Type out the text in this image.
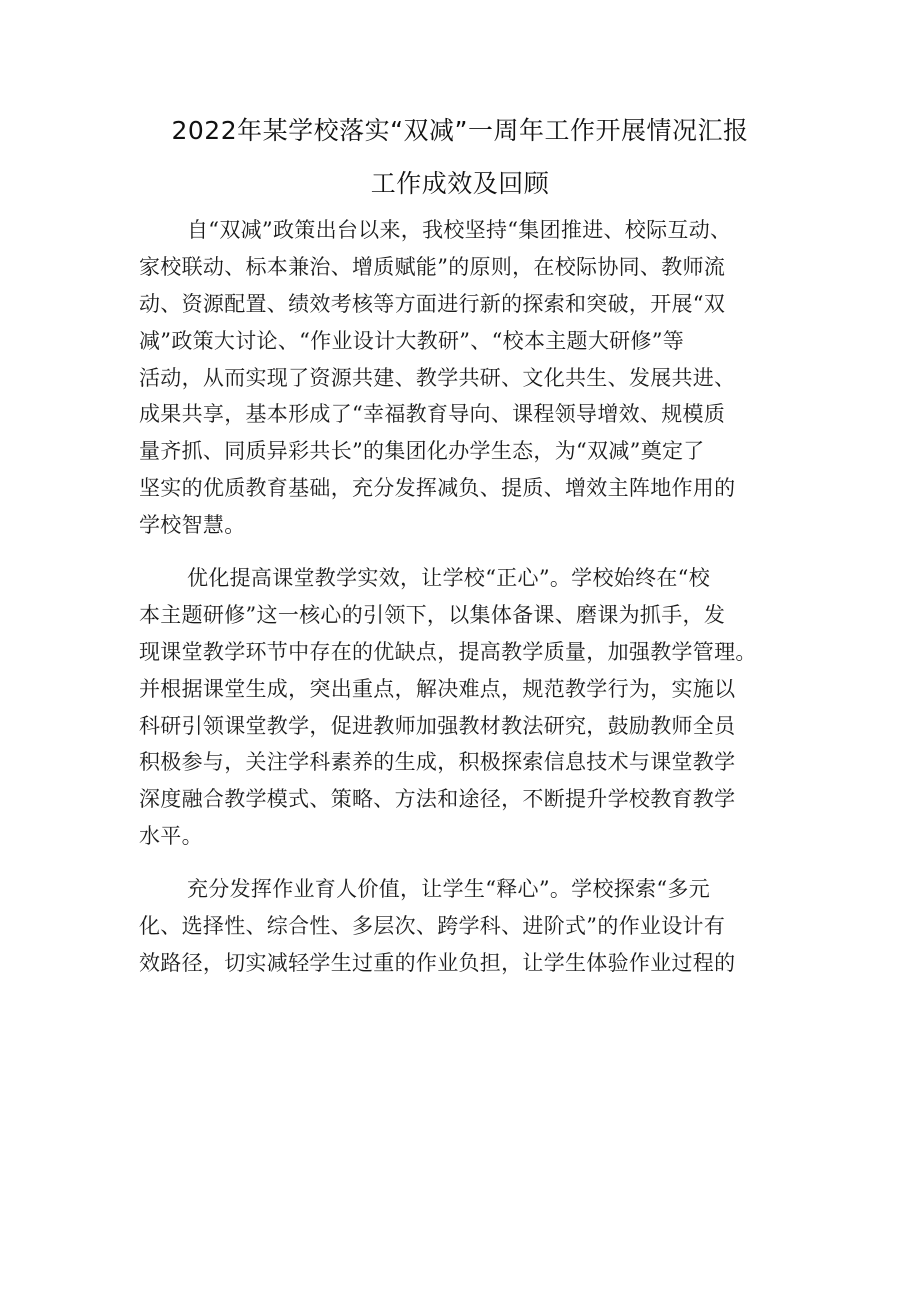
2022年某学校落实“双减”一周年工作开展情况汇报
工作成效及回顾
自“双减”政策出台以来，我校坚持“集团推进、校际互动、
家校联动、标本兼治、增质赋能”的原则，在校际协同、教师流
动、资源配置、绩效考核等方面进行新的探索和突破，开展“双
减”政策大讨论、“作业设计大教研”、“校本主题大研修”等
活动，从而实现了资源共建、教学共研、文化共生、发展共进、
成果共享，基本形成了“幸福教育导向、课程领导增效、规模质
量齐抓、同质异彩共长”的集团化办学生态，为“双减”奠定了
坚实的优质教育基础，充分发挥减负、提质、增效主阵地作用的
学校智慧。
优化提高课堂教学实效，让学校“正心”。学校始终在“校
本主题研修”这一核心的引领下，以集体备课、磨课为抓手，发
现课堂教学环节中存在的优缺点，提高教学质量，加强教学管理。
并根据课堂生成，突出重点，解决难点，规范教学行为，实施以
科研引领课堂教学，促进教师加强教材教法研究，鼓励教师全员
积极参与，关注学科素养的生成，积极探索信息技术与课堂教学
深度融合教学模式、策略、方法和途径，不断提升学校教育教学
水平。
充分发挥作业育人价值，让学生“释心”。学校探索“多元
化、选择性、综合性、多层次、跨学科、进阶式”的作业设计有
效路径，切实减轻学生过重的作业负担，让学生体验作业过程的
